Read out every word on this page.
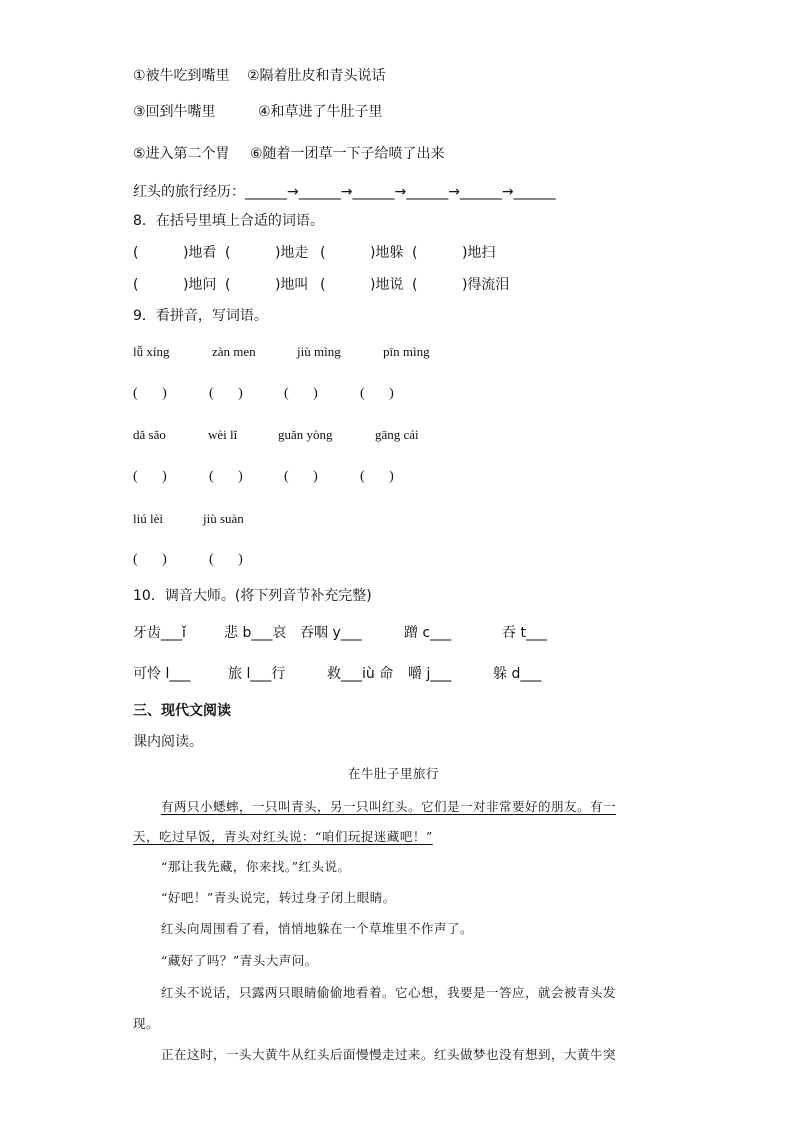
①被牛吃到嘴里 ②隔着肚皮和青头说话
③回到牛嘴里	④和草进了牛肚子里
⑤进入第二个胃 ⑥随着一团草一下子给喷了出来
红头的旅行经历：______→______→______→______→______→______
8．在括号里填上合适的词语。
(          )地看 (          )地走 (          )地躲 (          )地扫
(          )地问 (          )地叫 (          )地说 (          )得流泪
9．看拼音，写词语。
lǚ xíng	zàn men	jiù mìng	pīn mìng
(       )	(       )	(       )	(       )
dǎ sǎo	wèi lǐ	guǎn yòng	gāng cái
(       )	(       )	(       )	(       )
liú lèi	jiù suàn
(       )	(       )
10．调音大师。(将下列音节补充完整)
牙齿___ǐ	悲 b___哀 吞咽 y___	蹭 c___	吞 t___
可怜 l___	旅 l___行	救___iù 命 嚼 j___	躲 d___
三、现代文阅读
课内阅读。
在牛肚子里旅行
有两只小蟋蟀，一只叫青头，另一只叫红头。它们是一对非常要好的朋友。有一
天，吃过早饭，青头对红头说：“咱们玩捉迷藏吧！”
“那让我先藏，你来找。”红头说。
“好吧！”青头说完，转过身子闭上眼睛。
红头向周围看了看，悄悄地躲在一个草堆里不作声了。
“藏好了吗？”青头大声问。
红头不说话，只露两只眼睛偷偷地看着。它心想，我要是一答应，就会被青头发
现。
正在这时，一头大黄牛从红头后面慢慢走过来。红头做梦也没有想到，大黄牛突
